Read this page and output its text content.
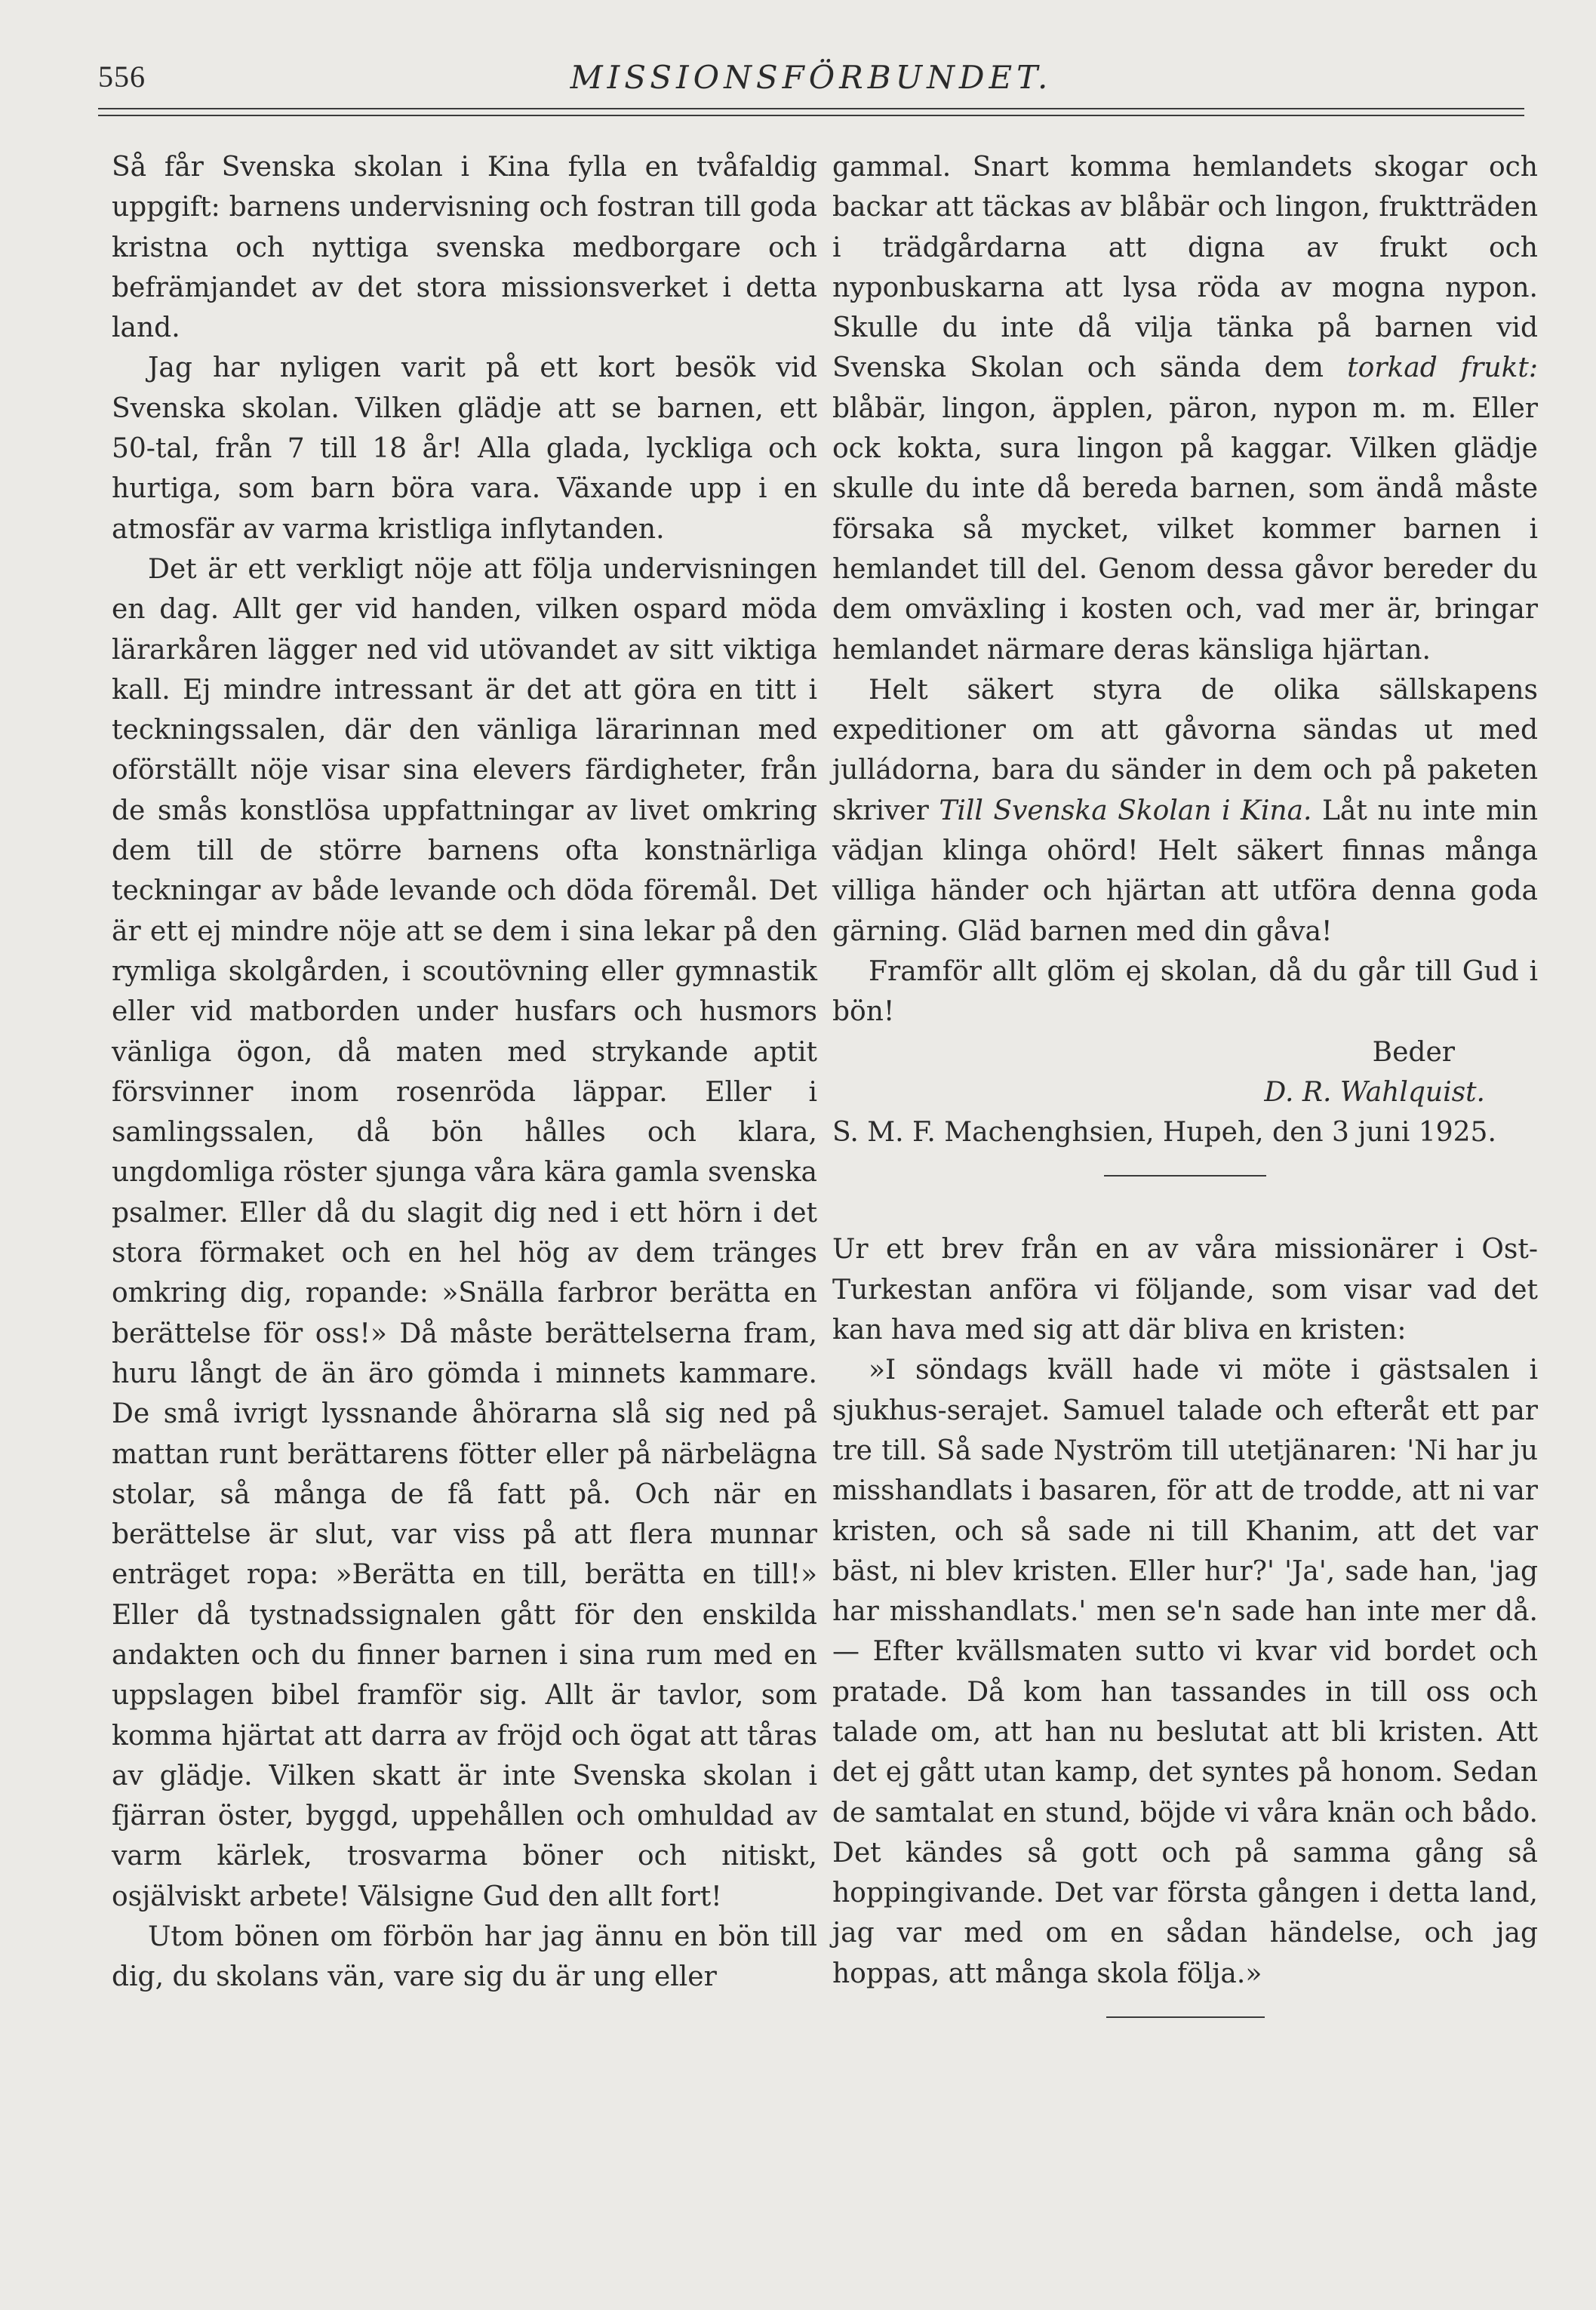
556	MISSIONSFÖRBUNDET.

Så får Svenska skolan i Kina fylla en tvåfaldig uppgift: barnens undervisning och fostran till goda kristna och nyttiga svenska medborgare och befrämjandet av det stora missionsverket i detta land.

Jag har nyligen varit på ett kort besök vid Svenska skolan. Vilken glädje att se barnen, ett 50-tal, från 7 till 18 år! Alla glada, lyckliga och hurtiga, som barn böra vara. Växande upp i en atmosfär av varma kristliga inflytanden.

Det är ett verkligt nöje att följa undervisningen en dag. Allt ger vid handen, vilken ospard möda lärarkåren lägger ned vid utövandet av sitt viktiga kall. Ej mindre intressant är det att göra en titt i teckningssalen, där den vänliga lärarinnan med oförställt nöje visar sina elevers färdigheter, från de smås konstlösa uppfattningar av livet omkring dem till de större barnens ofta konstnärliga teckningar av både levande och döda föremål. Det är ett ej mindre nöje att se dem i sina lekar på den rymliga skolgården, i scoutövning eller gymnastik eller vid matborden under husfars och husmors vänliga ögon, då maten med strykande aptit försvinner inom rosenröda läppar. Eller i samlingssalen, då bön hålles och klara, ungdomliga röster sjunga våra kära gamla svenska psalmer. Eller då du slagit dig ned i ett hörn i det stora förmaket och en hel hög av dem tränges omkring dig, ropande: »Snälla farbror berätta en berättelse för oss!» Då måste berättelserna fram, huru långt de än äro gömda i minnets kammare. De små ivrigt lyssnande åhörarna slå sig ned på mattan runt berättarens fötter eller på närbelägna stolar, så många de få fatt på. Och när en berättelse är slut, var viss på att flera munnar enträget ropa: »Berätta en till, berätta en till!» Eller då tystnadssignalen gått för den enskilda andakten och du finner barnen i sina rum med en uppslagen bibel framför sig. Allt är tavlor, som komma hjärtat att darra av fröjd och ögat att tåras av glädje. Vilken skatt är inte Svenska skolan i fjärran öster, byggd, uppehållen och omhuldad av varm kärlek, trosvarma böner och nitiskt, osjälviskt arbete! Välsigne Gud den allt fort!

Utom bönen om förbön har jag ännu en bön till dig, du skolans vän, vare sig du är ung eller

gammal. Snart komma hemlandets skogar och backar att täckas av blåbär och lingon, fruktträden i trädgårdarna att digna av frukt och nyponbuskarna att lysa röda av mogna nypon. Skulle du inte då vilja tänka på barnen vid Svenska Skolan och sända dem torkad frukt: blåbär, lingon, äpplen, päron, nypon m. m. Eller ock kokta, sura lingon på kaggar. Vilken glädje skulle du inte då bereda barnen, som ändå måste försaka så mycket, vilket kommer barnen i hemlandet till del. Genom dessa gåvor bereder du dem omväxling i kosten och, vad mer är, bringar hemlandet närmare deras känsliga hjärtan.

Helt säkert styra de olika sällskapens expeditioner om att gåvorna sändas ut med julládorna, bara du sänder in dem och på paketen skriver Till Svenska Skolan i Kina. Låt nu inte min vädjan klinga ohörd! Helt säkert finnas många villiga händer och hjärtan att utföra denna goda gärning. Gläd barnen med din gåva!

Framför allt glöm ej skolan, då du går till Gud i bön!

Beder
D. R. Wahlquist.

S. M. F. Machenghsien, Hupeh, den 3 juni 1925.

Ur ett brev från en av våra missionärer i Ost-Turkestan anföra vi följande, som visar vad det kan hava med sig att där bliva en kristen:

»I söndags kväll hade vi möte i gästsalen i sjukhus-serajet. Samuel talade och efteråt ett par tre till. Så sade Nyström till utetjänaren: 'Ni har ju misshandlats i basaren, för att de trodde, att ni var kristen, och så sade ni till Khanim, att det var bäst, ni blev kristen. Eller hur?' 'Ja', sade han, 'jag har misshandlats.' men se'n sade han inte mer då. — Efter kvällsmaten sutto vi kvar vid bordet och pratade. Då kom han tassandes in till oss och talade om, att han nu beslutat att bli kristen. Att det ej gått utan kamp, det syntes på honom. Sedan de samtalat en stund, böjde vi våra knän och bådo. Det kändes så gott och på samma gång så hoppingivande. Det var första gången i detta land, jag var med om en sådan händelse, och jag hoppas, att många skola följa.»
